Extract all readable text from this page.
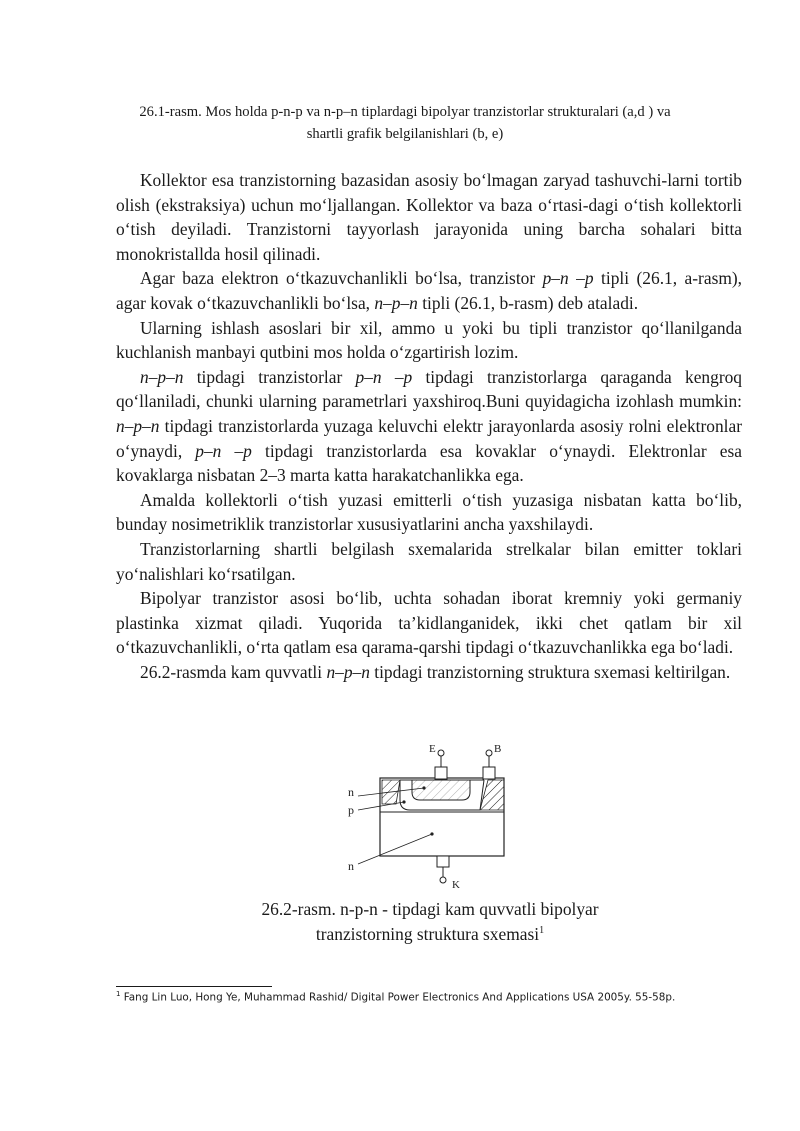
26.1-rasm. Mos holda p-n-p va n-p–n tiplardagi bipolyar tranzistorlar strukturalari (a,d ) va
shartli grafik belgilanishlari (b, e)

Kollektor esa tranzistorning bazasidan asosiy bo‘lmagan zaryad tashuvchi-larni tortib olish (ekstraksiya) uchun mo‘ljallangan. Kollektor va baza o‘rtasi-dagi o‘tish kollektorli o‘tish deyiladi. Tranzistorni tayyorlash jarayonida uning barcha sohalari bitta monokristallda hosil qilinadi.

Agar baza elektron o‘tkazuvchanlikli bo‘lsa, tranzistor p–n –p tipli (26.1, a-rasm), agar kovak o‘tkazuvchanlikli bo‘lsa, n–p–n tipli (26.1, b-rasm) deb ataladi.

Ularning ishlash asoslari bir xil, ammo u yoki bu tipli tranzistor qo‘llanilganda kuchlanish manbayi qutbini mos holda o‘zgartirish lozim.

n–p–n tipdagi tranzistorlar p–n –p tipdagi tranzistorlarga qaraganda kengroq qo‘llaniladi, chunki ularning parametrlari yaxshiroq.Buni quyidagicha izohlash mumkin: n–p–n tipdagi tranzistorlarda yuzaga keluvchi elektr jarayonlarda asosiy rolni elektronlar o‘ynaydi, p–n –p tipdagi tranzistorlarda esa kovaklar o‘ynaydi. Elektronlar esa kovaklarga nisbatan 2–3 marta katta harakatchanlikka ega.

Amalda kollektorli o‘tish yuzasi emitterli o‘tish yuzasiga nisbatan katta bo‘lib, bunday nosimetriklik tranzistorlar xususiyatlarini ancha yaxshilaydi.

Tranzistorlarning shartli belgilash sxemalarida strelkalar bilan emitter toklari yo‘nalishlari ko‘rsatilgan.

Bipolyar tranzistor asosi bo‘lib, uchta sohadan iborat kremniy yoki germaniy plastinka xizmat qiladi. Yuqorida ta’kidlanganidek, ikki chet qatlam bir xil o‘tkazuvchanlikli, o‘rta qatlam esa qarama-qarshi tipdagi o‘tkazuvchanlikka ega bo‘ladi.

26.2-rasmda kam quvvatli n–p–n tipdagi tranzistorning struktura sxemasi keltirilgan.

E	B
K
n
p
n
26.2-rasm. n-p-n - tipdagi kam quvvatli bipolyar
tranzistorning struktura sxemasi$^1$
$^1$ Fang Lin Luo, Hong Ye, Muhammad Rashid/ Digital Power Electronics And Applications USA 2005y. 55-58p.
